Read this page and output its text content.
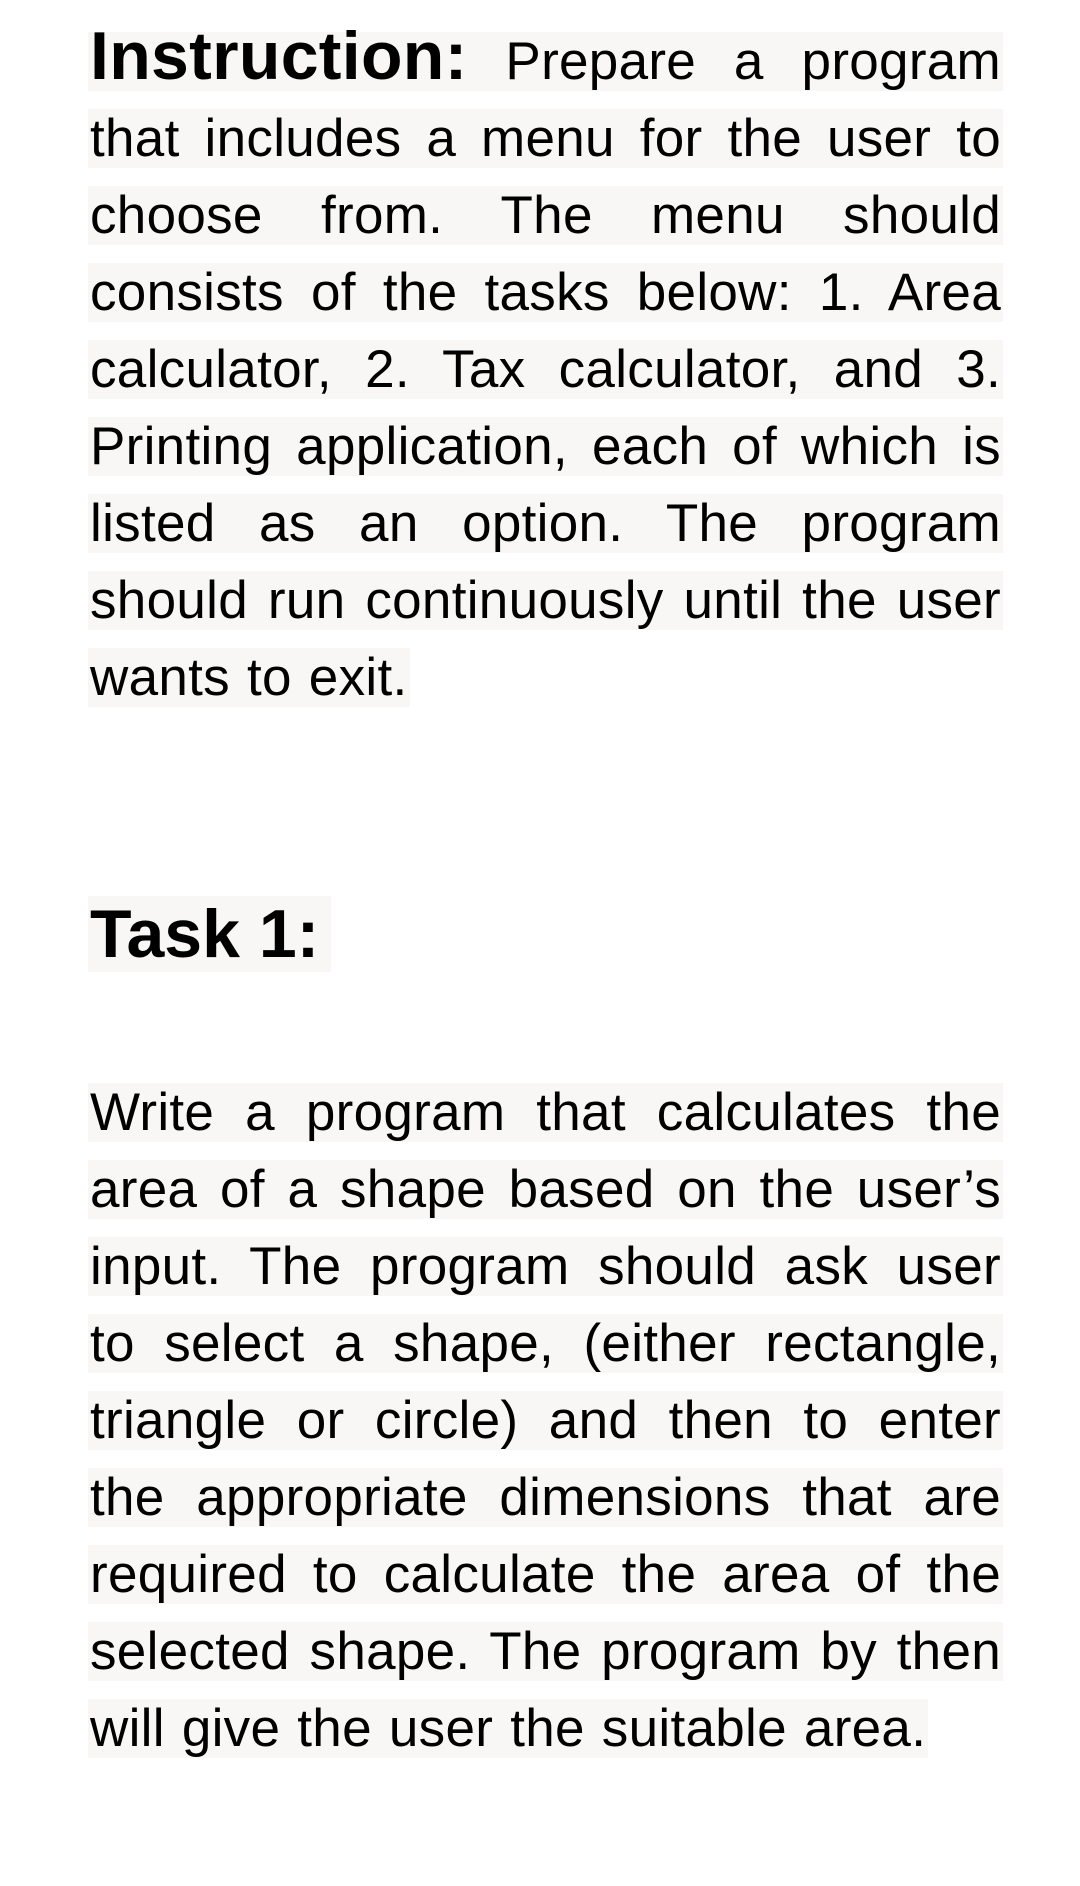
Instruction: Prepare a program that includes a menu for the user to choose from. The menu should consists of the tasks below: 1. Area calculator, 2. Tax calculator, and 3. Printing application, each of which is listed as an option. The program should run continuously until the user wants to exit.

Task 1:

Write a program that calculates the area of a shape based on the user’s input. The program should ask user to select a shape, (either rectangle, triangle or circle) and then to enter the appropriate dimensions that are required to calculate the area of the selected shape. The program by then will give the user the suitable area.
